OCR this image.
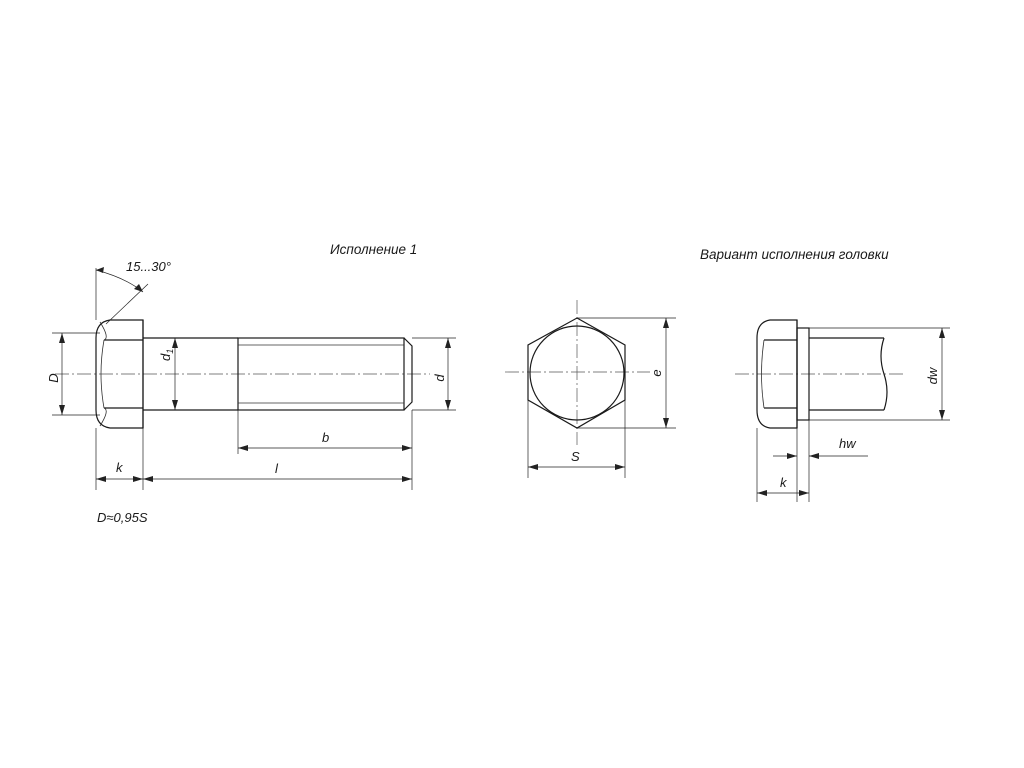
Исполнение 1	Вариант исполнения головки
15...30°
D
$d_1$
d
b
k	l
D≈0,95S
e
S
dw
hw
k
